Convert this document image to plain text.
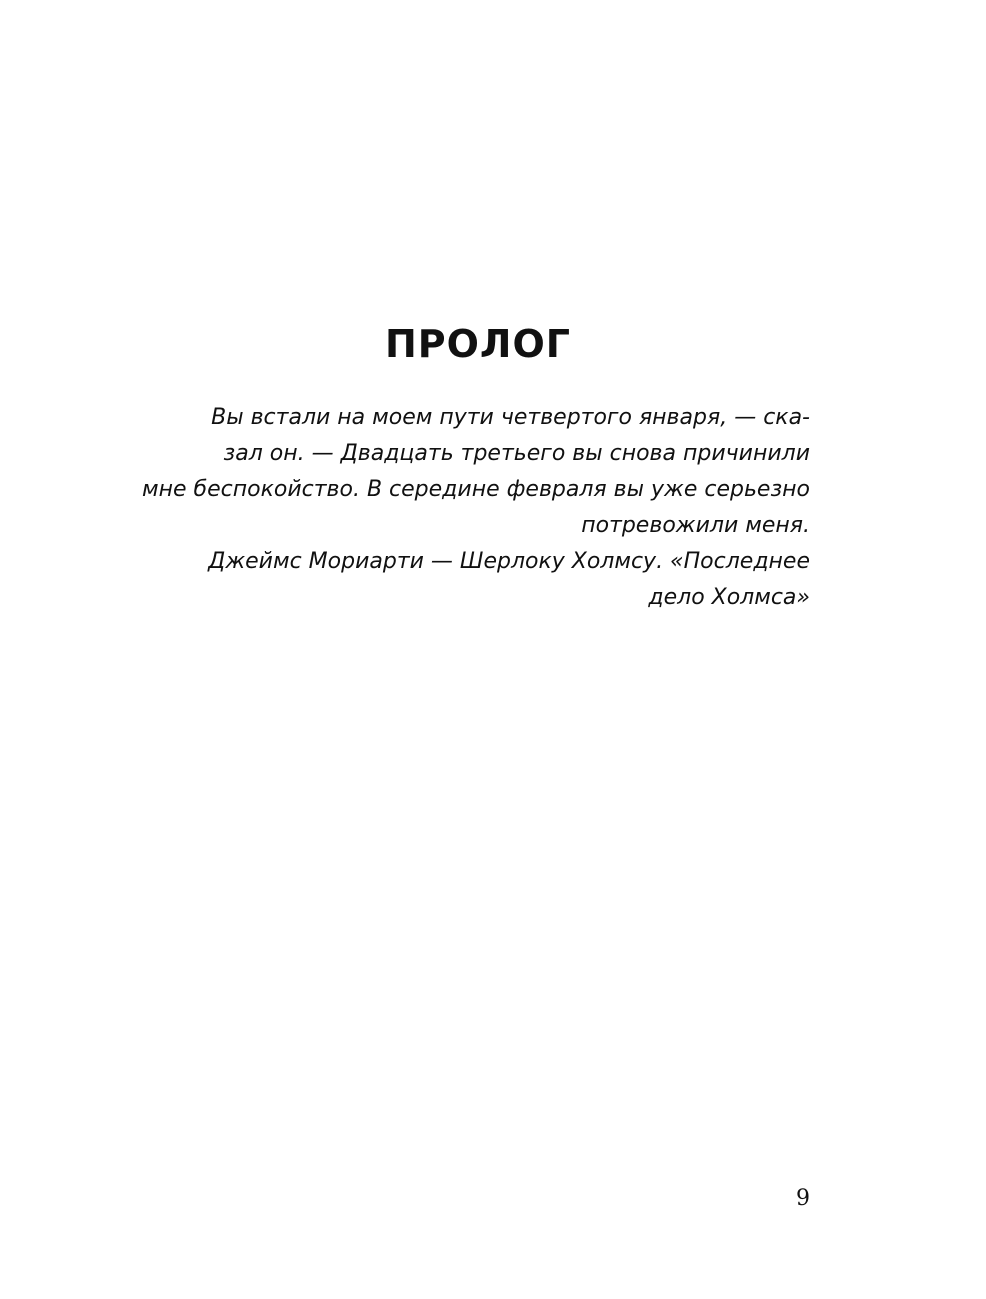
ПРОЛОГ
Вы встали на моем пути четвертого января, — ска-
зал он. — Двадцать третьего вы снова причинили
мне беспокойство. В середине февраля вы уже серьезно
потревожили меня.
Джеймс Мориарти — Шерлоку Холмсу. «Последнее
дело Холмса»
9
